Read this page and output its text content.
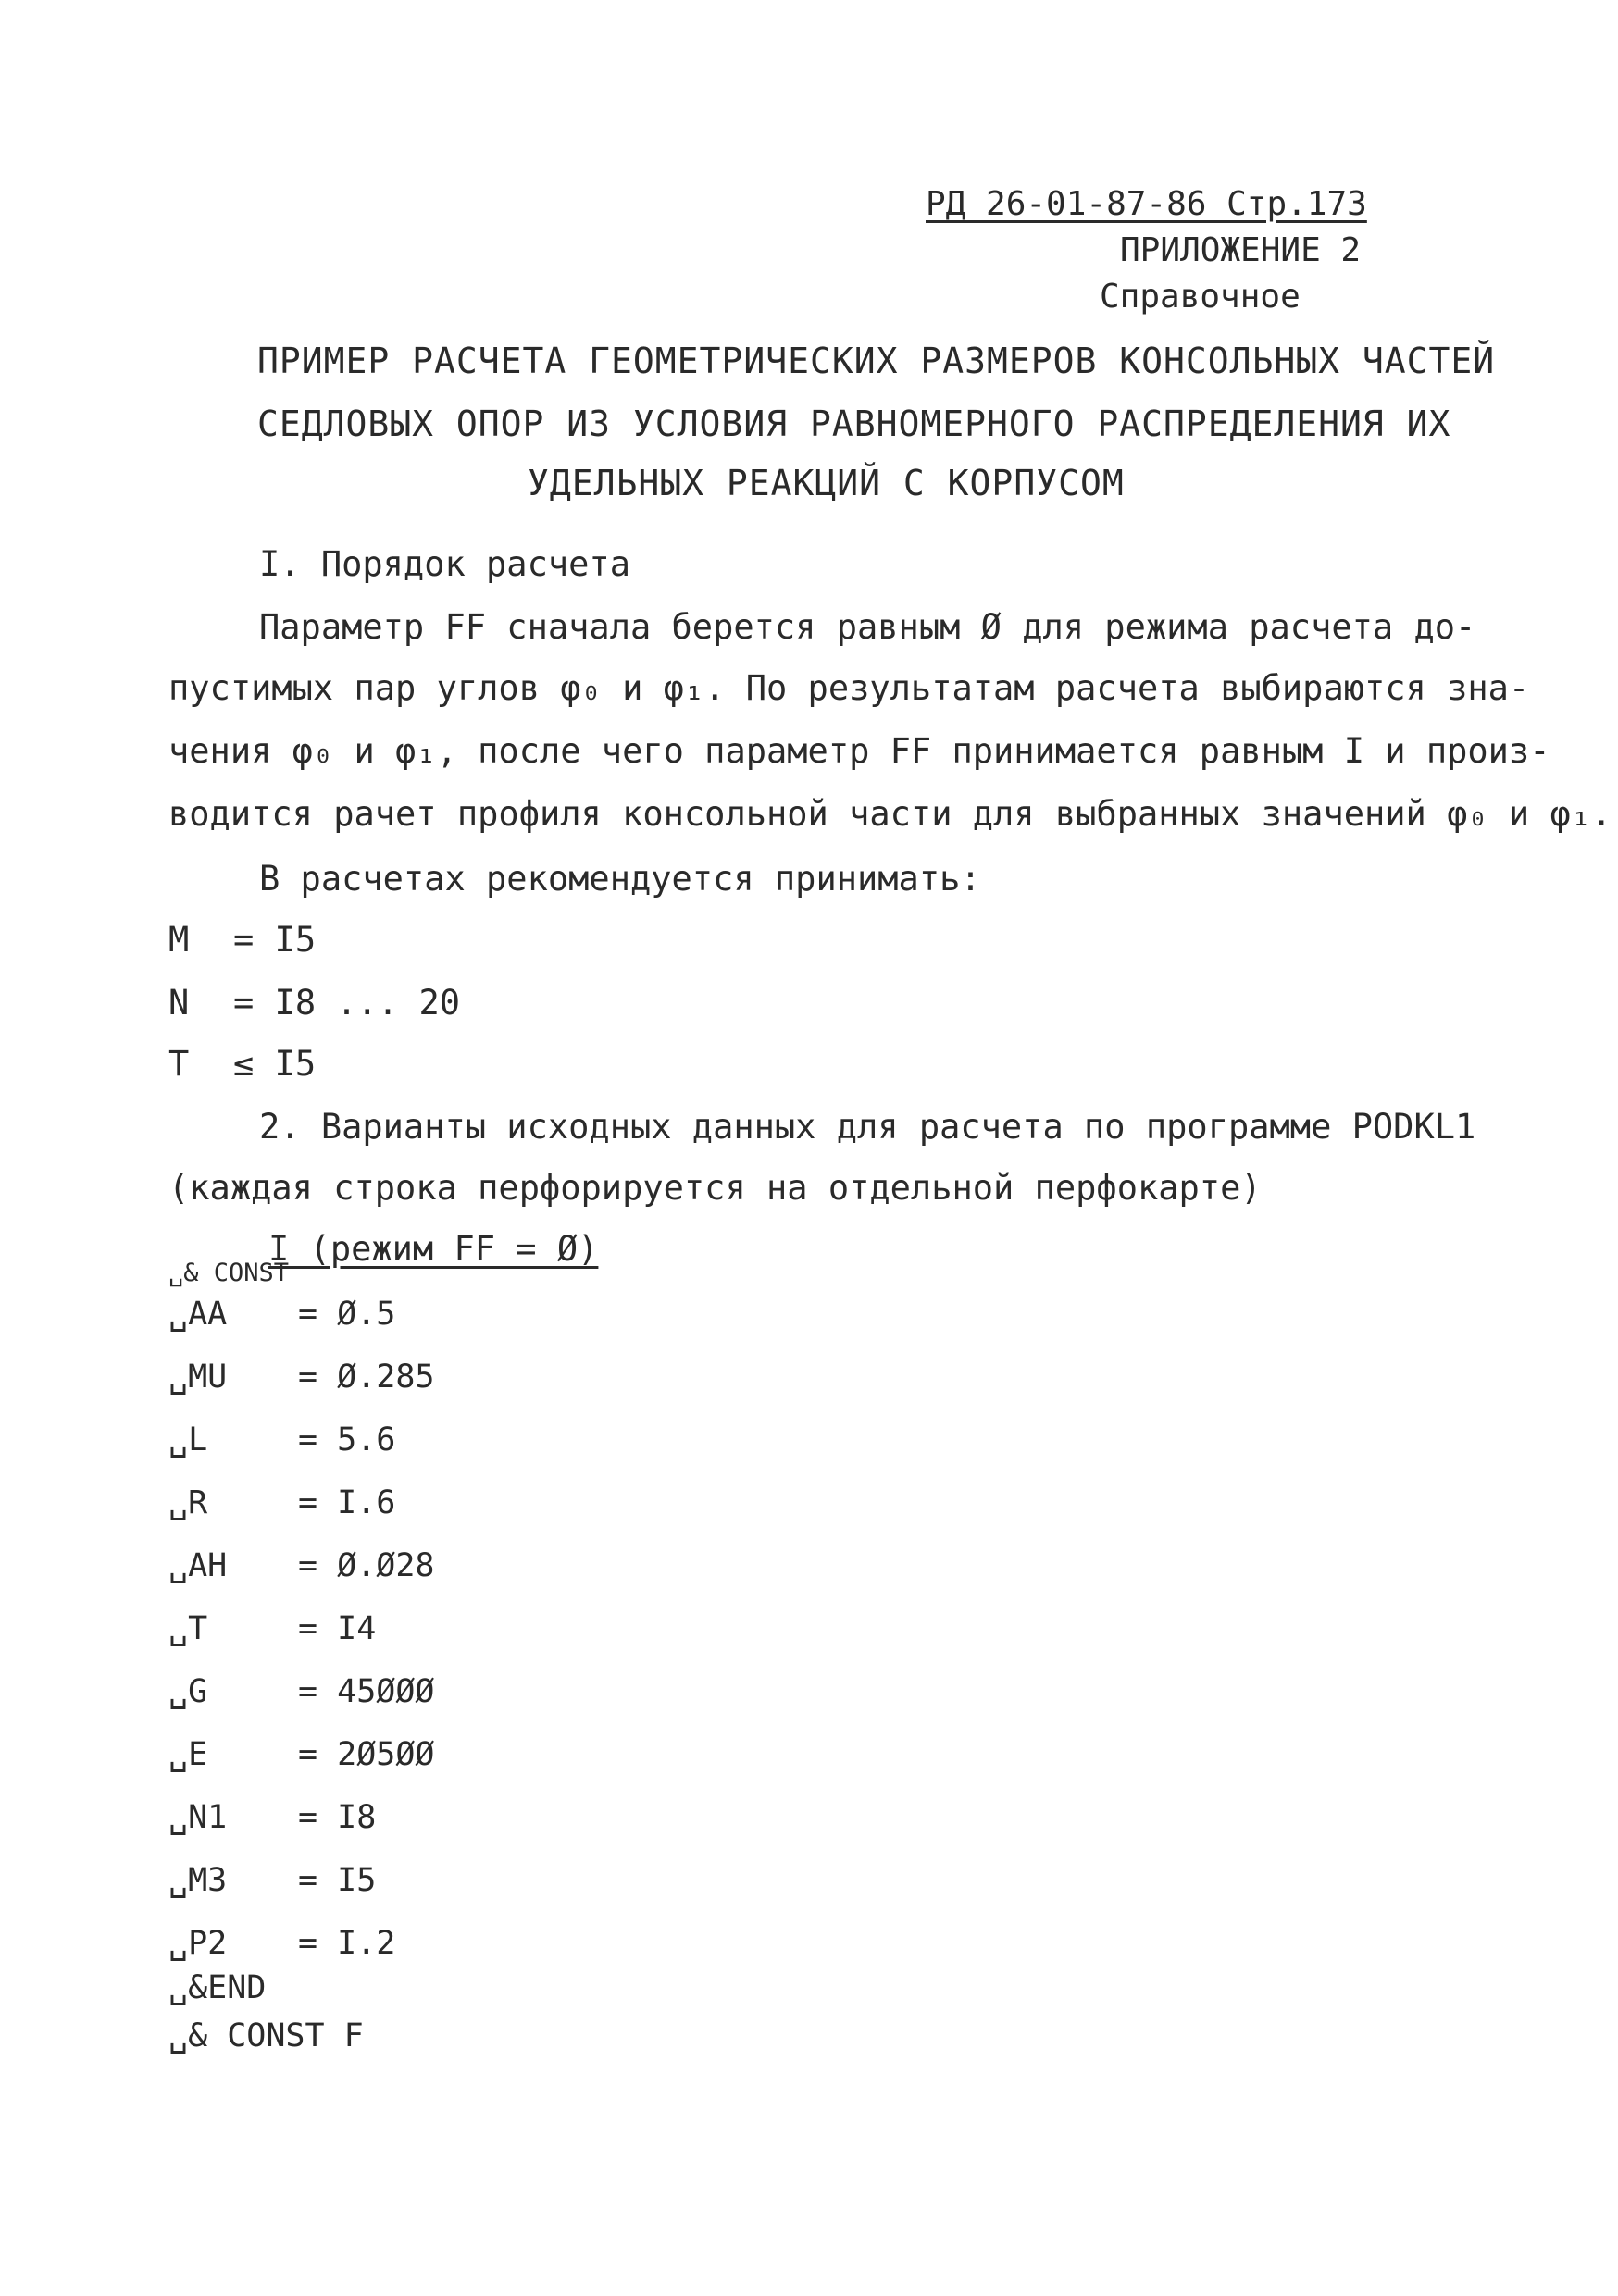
РД 26-01-87-86 Стр.173
ПРИЛОЖЕНИЕ 2
Справочное
ПРИМЕР РАСЧЕТА ГЕОМЕТРИЧЕСКИХ РАЗМЕРОВ КОНСОЛЬНЫХ ЧАСТЕЙ
СЕДЛОВЫХ ОПОР ИЗ УСЛОВИЯ РАВНОМЕРНОГО РАСПРЕДЕЛЕНИЯ ИХ
УДЕЛЬНЫХ РЕАКЦИЙ С КОРПУСОМ
I. Порядок расчета
Параметр FF сначала берется равным Ø для режима расчета до-
пустимых пар углов φ₀ и φ₁. По результатам расчета выбираются зна-
чения φ₀ и φ₁, после чего параметр FF принимается равным I и произ-
водится рачет профиля консольной части для выбранных значений φ₀ и φ₁.
В расчетах рекомендуется принимать:
M = I5
N = I8 ... 20
T ≤ I5
2. Варианты исходных данных для расчета по программе PODKL1
(каждая строка перфорируется на отдельной перфокарте)
I (режим FF = Ø)
␣& CONST
␣AA = Ø.5
␣MU = Ø.285
␣L	= 5.6
␣R	= I.6
␣AH = Ø.Ø28
␣T	= I4
␣G	= 45ØØØ
␣E	= 2Ø5ØØ
␣N1 = I8
␣M3 = I5
␣P2 = I.2
␣&END
␣& CONST F
